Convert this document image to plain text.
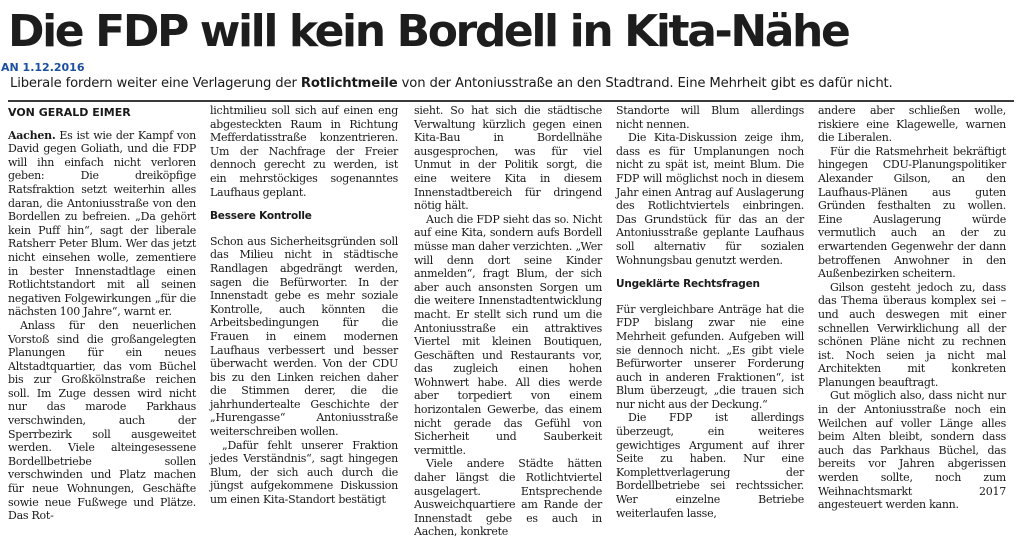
Die FDP will kein Bordell in Kita-Nähe
AN 1.12.2016

Liberale fordern weiter eine Verlagerung der Rotlichtmeile von der Antoniusstraße an den Stadtrand. Eine Mehrheit gibt es dafür nicht.

VON GERALD EIMER

Aachen. Es ist wie der Kampf von David gegen Goliath, und die FDP will ihn einfach nicht verloren geben: Die dreiköpfige Ratsfraktion setzt weiterhin alles daran, die Antoniusstraße von den Bordellen zu befreien. „Da gehört kein Puff hin“, sagt der liberale Ratsherr Peter Blum. Wer das jetzt nicht einsehen wolle, zementiere in bester Innenstadtlage einen Rotlichtstandort mit all seinen negativen Folgewirkungen „für die nächsten 100 Jahre“, warnt er.

Anlass für den neuerlichen Vorstoß sind die großangelegten Planungen für ein neues Altstadtquartier, das vom Büchel bis zur Großkölnstraße reichen soll. Im Zuge dessen wird nicht nur das marode Parkhaus verschwinden, auch der Sperrbezirk soll ausgeweitet werden. Viele alteingesessene Bordellbetriebe sollen verschwinden und Platz machen für neue Wohnungen, Geschäfte sowie neue Fußwege und Plätze. Das Rot-

lichtmilieu soll sich auf einen eng abgesteckten Raum in Richtung Mefferdatisstraße konzentrieren. Um der Nachfrage der Freier dennoch gerecht zu werden, ist ein mehrstöckiges sogenanntes Laufhaus geplant.

Bessere Kontrolle

Schon aus Sicherheitsgründen soll das Milieu nicht in städtische Randlagen abgedrängt werden, sagen die Befürworter. In der Innenstadt gebe es mehr soziale Kontrolle, auch könnten die Arbeitsbedingungen für die Frauen in einem modernen Laufhaus verbessert und besser überwacht werden. Von der CDU bis zu den Linken reichen daher die Stimmen derer, die die jahrhundertealte Geschichte der „Hurengasse“ Antoniusstraße weiterschreiben wollen.

„Dafür fehlt unserer Fraktion jedes Verständnis“, sagt hingegen Blum, der sich auch durch die jüngst aufgekommene Diskussion um einen Kita-Standort bestätigt

sieht. So hat sich die städtische Verwaltung kürzlich gegen einen Kita-Bau in Bordellnähe ausgesprochen, was für viel Unmut in der Politik sorgt, die eine weitere Kita in diesem Innenstadtbereich für dringend nötig hält.

Auch die FDP sieht das so. Nicht auf eine Kita, sondern aufs Bordell müsse man daher verzichten. „Wer will denn dort seine Kinder anmelden“, fragt Blum, der sich aber auch ansonsten Sorgen um die weitere Innenstadtentwicklung macht. Er stellt sich rund um die Antoniusstraße ein attraktives Viertel mit kleinen Boutiquen, Geschäften und Restaurants vor, das zugleich einen hohen Wohnwert habe. All dies werde aber torpediert von einem horizontalen Gewerbe, das einem nicht gerade das Gefühl von Sicherheit und Sauberkeit vermittle.

Viele andere Städte hätten daher längst die Rotlichtviertel ausgelagert. Entsprechende Ausweichquartiere am Rande der Innenstadt gebe es auch in Aachen, konkrete

Standorte will Blum allerdings nicht nennen.

Die Kita-Diskussion zeige ihm, dass es für Umplanungen noch nicht zu spät ist, meint Blum. Die FDP will möglichst noch in diesem Jahr einen Antrag auf Auslagerung des Rotlichtviertels einbringen. Das Grundstück für das an der Antoniusstraße geplante Laufhaus soll alternativ für sozialen Wohnungsbau genutzt werden.

Ungeklärte Rechtsfragen

Für vergleichbare Anträge hat die FDP bislang zwar nie eine Mehrheit gefunden. Aufgeben will sie dennoch nicht. „Es gibt viele Befürworter unserer Forderung auch in anderen Fraktionen“, ist Blum überzeugt, „die trauen sich nur nicht aus der Deckung.“

Die FDP ist allerdings überzeugt, ein weiteres gewichtiges Argument auf ihrer Seite zu haben. Nur eine Komplettverlagerung der Bordellbetriebe sei rechtssicher. Wer einzelne Betriebe weiterlaufen lasse,

andere aber schließen wolle, riskiere eine Klagewelle, warnen die Liberalen.

Für die Ratsmehrheit bekräftigt hingegen CDU-Planungspolitiker Alexander Gilson, an den Laufhaus-Plänen aus guten Gründen festhalten zu wollen. Eine Auslagerung würde vermutlich auch an der zu erwartenden Gegenwehr der dann betroffenen Anwohner in den Außenbezirken scheitern.

Gilson gesteht jedoch zu, dass das Thema überaus komplex sei – und auch deswegen mit einer schnellen Verwirklichung all der schönen Pläne nicht zu rechnen ist. Noch seien ja nicht mal Architekten mit konkreten Planungen beauftragt.

Gut möglich also, dass nicht nur in der Antoniusstraße noch ein Weilchen auf voller Länge alles beim Alten bleibt, sondern dass auch das Parkhaus Büchel, das bereits vor Jahren abgerissen werden sollte, noch zum Weihnachtsmarkt 2017 angesteuert werden kann.
